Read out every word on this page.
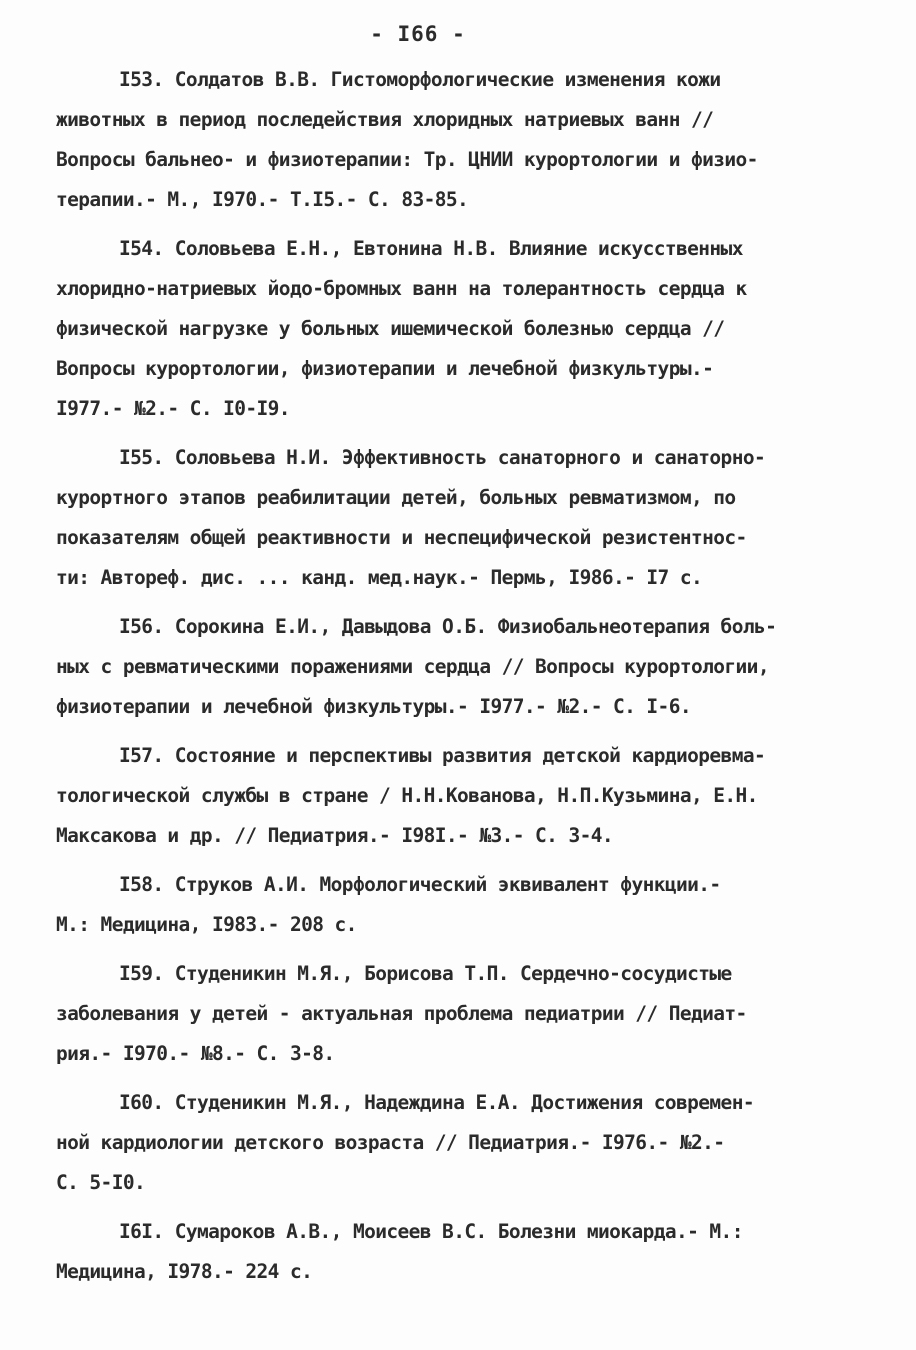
- I66 -
I53. Солдатов В.В. Гистоморфологические изменения кожи
животных в период последействия хлоридных натриевых ванн //
Вопросы бальнео- и физиотерапии: Тр. ЦНИИ курортологии и физио-
терапии.- М., I970.- Т.I5.- С. 83-85.
I54. Соловьева Е.Н., Евтонина Н.В. Влияние искусственных
хлоридно-натриевых йодо-бромных ванн на толерантность сердца к
физической нагрузке у больных ишемической болезнью сердца //
Вопросы курортологии, физиотерапии и лечебной физкультуры.-
I977.- №2.- С. I0-I9.
I55. Соловьева Н.И. Эффективность санаторного и санаторно-
курортного этапов реабилитации детей, больных ревматизмом, по
показателям общей реактивности и неспецифической резистентнос-
ти: Автореф. дис. ... канд. мед.наук.- Пермь, I986.- I7 с.
I56. Сорокина Е.И., Давыдова О.Б. Физиобальнеотерапия боль-
ных с ревматическими поражениями сердца // Вопросы курортологии,
физиотерапии и лечебной физкультуры.- I977.- №2.- С. I-6.
I57. Состояние и перспективы развития детской кардиоревма-
тологической службы в стране / Н.Н.Кованова, Н.П.Кузьмина, Е.Н.
Максакова и др. // Педиатрия.- I98I.- №3.- С. 3-4.
I58. Струков А.И. Морфологический эквивалент функции.-
М.: Медицина, I983.- 208 с.
I59. Студеникин М.Я., Борисова Т.П. Сердечно-сосудистые
заболевания у детей - актуальная проблема педиатрии // Педиат-
рия.- I970.- №8.- С. 3-8.
I60. Студеникин М.Я., Надеждина Е.А. Достижения современ-
ной кардиологии детского возраста // Педиатрия.- I976.- №2.-
С. 5-I0.
I6I. Сумароков А.В., Моисеев В.С. Болезни миокарда.- М.:
Медицина, I978.- 224 с.
